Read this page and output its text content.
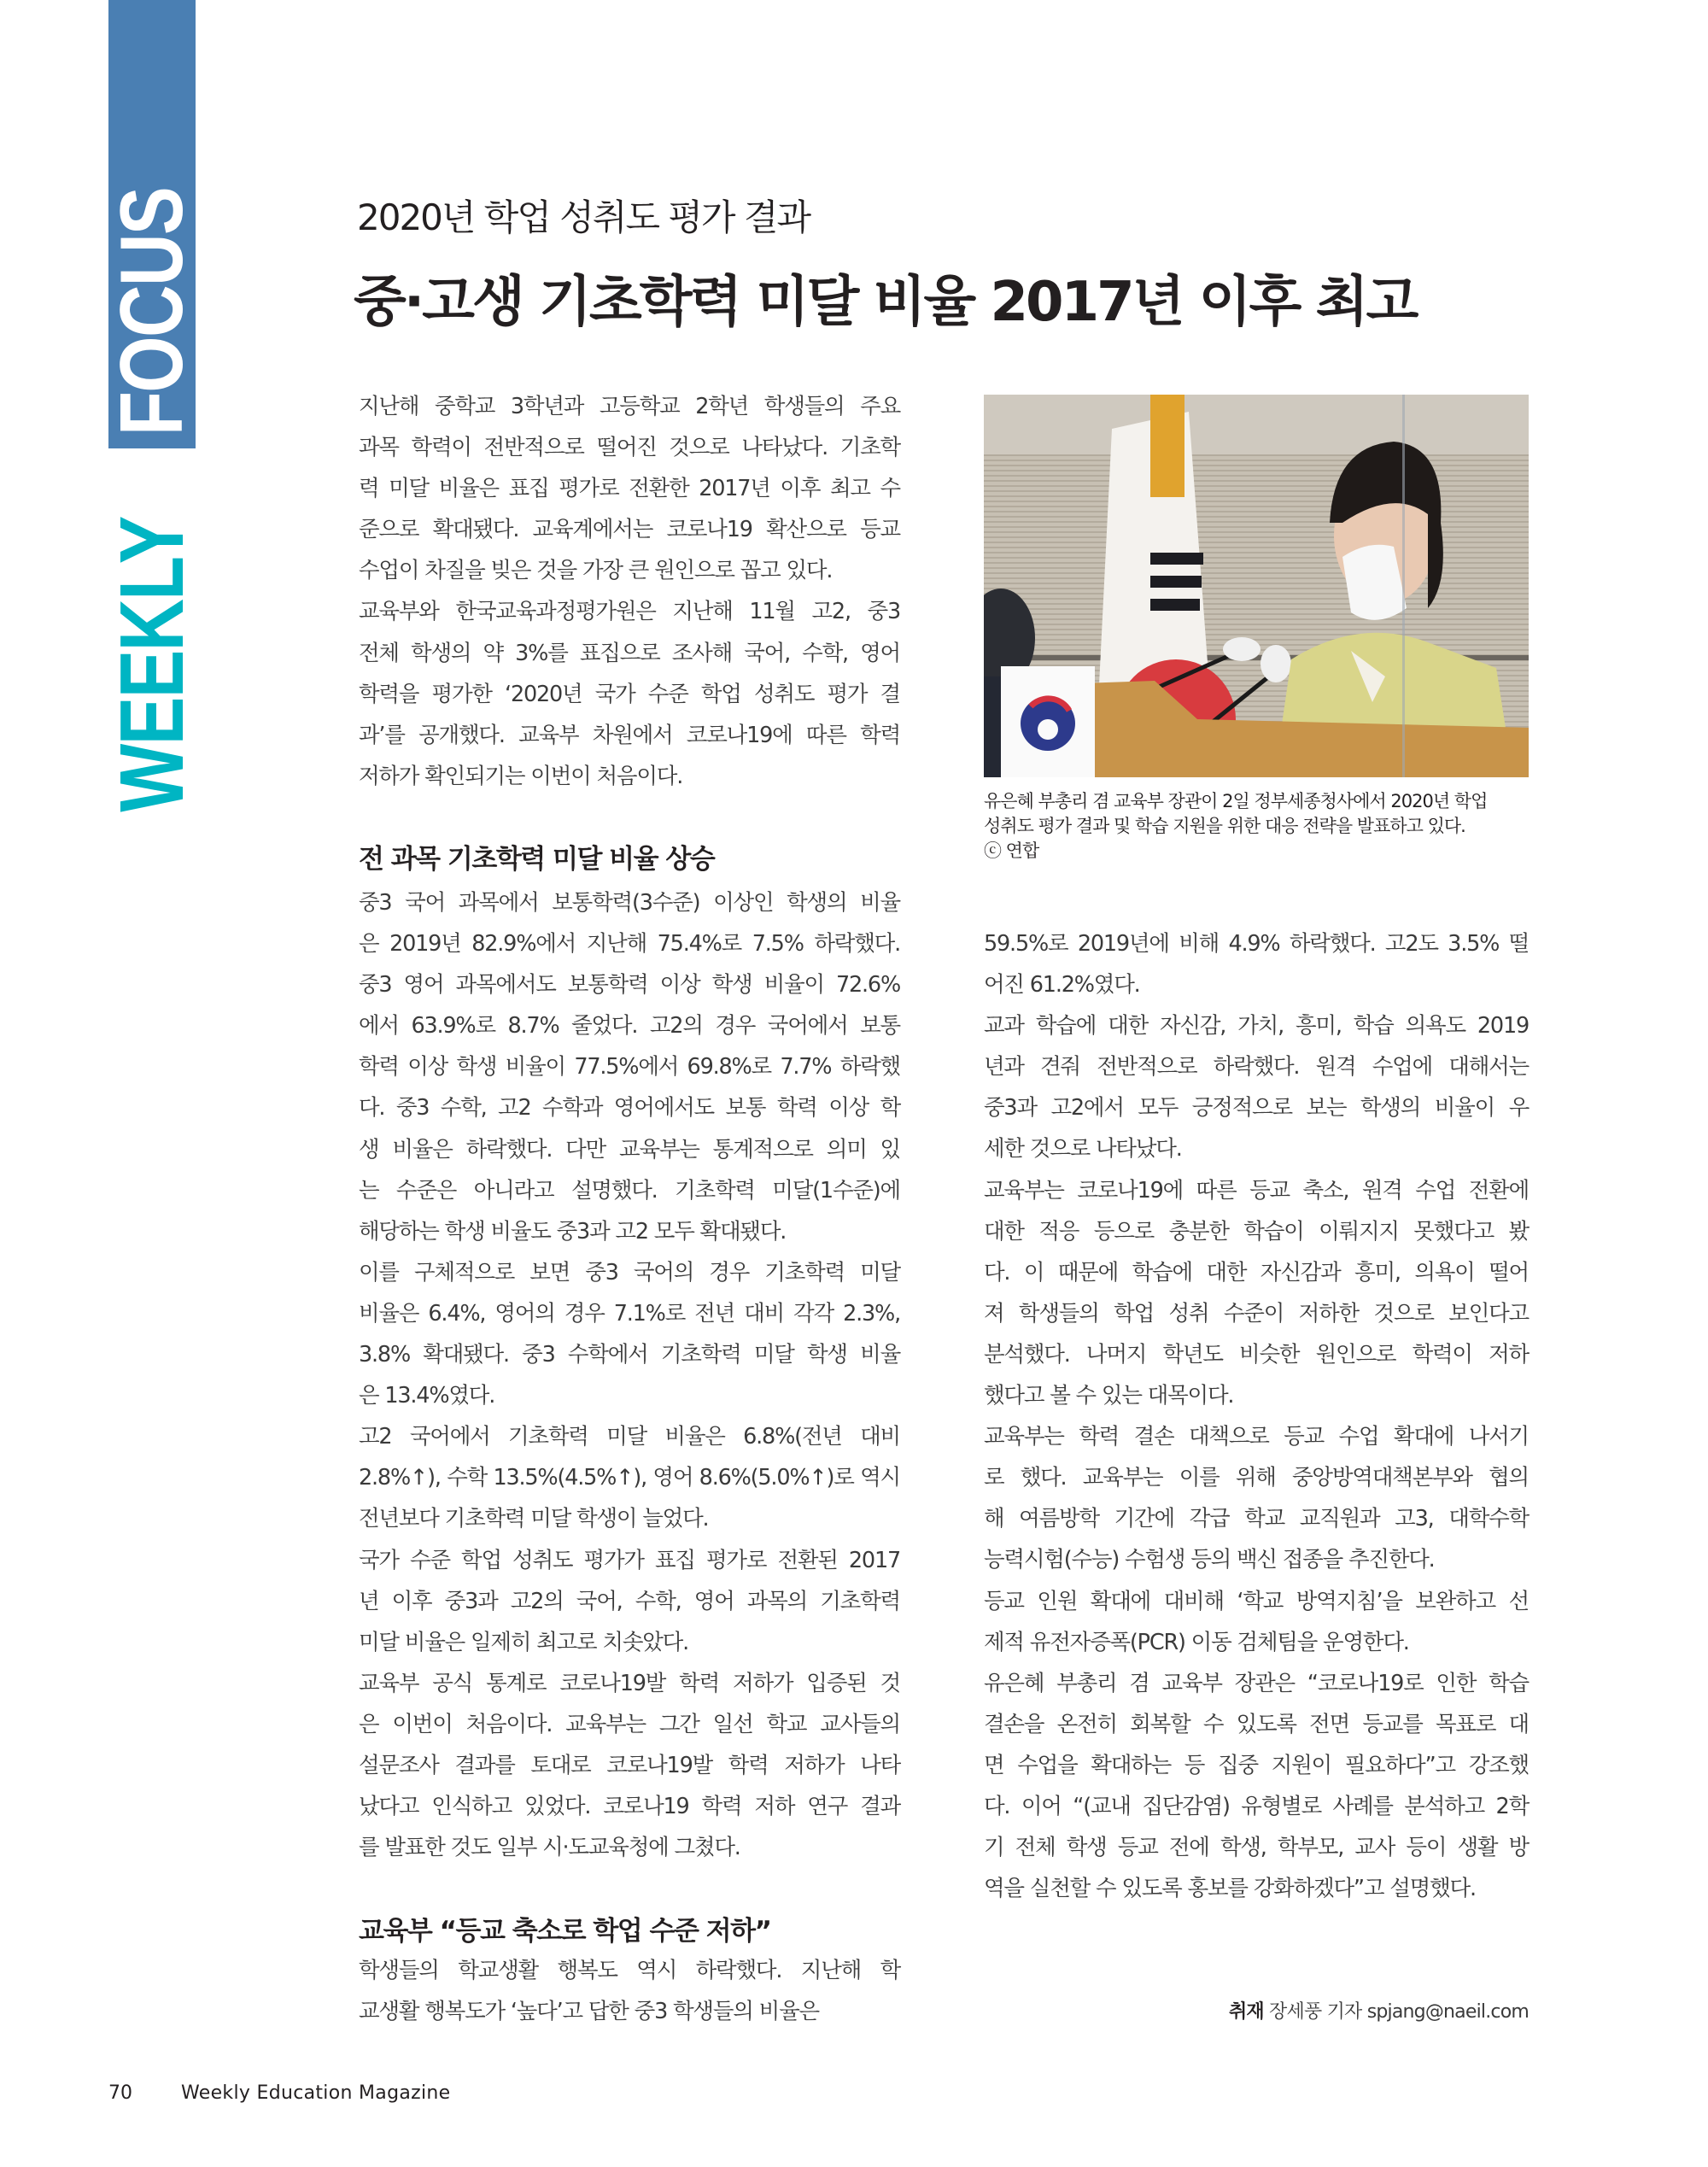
FOCUS
WEEKLY
2020년 학업 성취도 평가 결과
중·고생 기초학력 미달 비율 2017년 이후 최고
지난해 중학교 3학년과 고등학교 2학년 학생들의 주요
과목 학력이 전반적으로 떨어진 것으로 나타났다. 기초학
력 미달 비율은 표집 평가로 전환한 2017년 이후 최고 수
준으로 확대됐다. 교육계에서는 코로나19 확산으로 등교
수업이 차질을 빚은 것을 가장 큰 원인으로 꼽고 있다.
교육부와 한국교육과정평가원은 지난해 11월 고2, 중3
전체 학생의 약 3%를 표집으로 조사해 국어, 수학, 영어
학력을 평가한 ‘2020년 국가 수준 학업 성취도 평가 결
과’를 공개했다. 교육부 차원에서 코로나19에 따른 학력
저하가 확인되기는 이번이 처음이다.
전 과목 기초학력 미달 비율 상승
중3 국어 과목에서 보통학력(3수준) 이상인 학생의 비율
은 2019년 82.9%에서 지난해 75.4%로 7.5% 하락했다.
중3 영어 과목에서도 보통학력 이상 학생 비율이 72.6%
에서 63.9%로 8.7% 줄었다. 고2의 경우 국어에서 보통
학력 이상 학생 비율이 77.5%에서 69.8%로 7.7% 하락했
다. 중3 수학, 고2 수학과 영어에서도 보통 학력 이상 학
생 비율은 하락했다. 다만 교육부는 통계적으로 의미 있
는 수준은 아니라고 설명했다. 기초학력 미달(1수준)에
해당하는 학생 비율도 중3과 고2 모두 확대됐다.
이를 구체적으로 보면 중3 국어의 경우 기초학력 미달
비율은 6.4%, 영어의 경우 7.1%로 전년 대비 각각 2.3%,
3.8% 확대됐다. 중3 수학에서 기초학력 미달 학생 비율
은 13.4%였다.
고2 국어에서 기초학력 미달 비율은 6.8%(전년 대비
2.8%↑), 수학 13.5%(4.5%↑), 영어 8.6%(5.0%↑)로 역시
전년보다 기초학력 미달 학생이 늘었다.
국가 수준 학업 성취도 평가가 표집 평가로 전환된 2017
년 이후 중3과 고2의 국어, 수학, 영어 과목의 기초학력
미달 비율은 일제히 최고로 치솟았다.
교육부 공식 통계로 코로나19발 학력 저하가 입증된 것
은 이번이 처음이다. 교육부는 그간 일선 학교 교사들의
설문조사 결과를 토대로 코로나19발 학력 저하가 나타
났다고 인식하고 있었다. 코로나19 학력 저하 연구 결과
를 발표한 것도 일부 시·도교육청에 그쳤다.
교육부 “등교 축소로 학업 수준 저하”
학생들의 학교생활 행복도 역시 하락했다. 지난해 학
교생활 행복도가 ‘높다’고 답한 중3 학생들의 비율은
유은혜 부총리 겸 교육부 장관이 2일 정부세종청사에서 2020년 학업
성취도 평가 결과 및 학습 지원을 위한 대응 전략을 발표하고 있다.
ⓒ 연합
59.5%로 2019년에 비해 4.9% 하락했다. 고2도 3.5% 떨
어진 61.2%였다.
교과 학습에 대한 자신감, 가치, 흥미, 학습 의욕도 2019
년과 견줘 전반적으로 하락했다. 원격 수업에 대해서는
중3과 고2에서 모두 긍정적으로 보는 학생의 비율이 우
세한 것으로 나타났다.
교육부는 코로나19에 따른 등교 축소, 원격 수업 전환에
대한 적응 등으로 충분한 학습이 이뤄지지 못했다고 봤
다. 이 때문에 학습에 대한 자신감과 흥미, 의욕이 떨어
져 학생들의 학업 성취 수준이 저하한 것으로 보인다고
분석했다. 나머지 학년도 비슷한 원인으로 학력이 저하
했다고 볼 수 있는 대목이다.
교육부는 학력 결손 대책으로 등교 수업 확대에 나서기
로 했다. 교육부는 이를 위해 중앙방역대책본부와 협의
해 여름방학 기간에 각급 학교 교직원과 고3, 대학수학
능력시험(수능) 수험생 등의 백신 접종을 추진한다.
등교 인원 확대에 대비해 ‘학교 방역지침’을 보완하고 선
제적 유전자증폭(PCR) 이동 검체팀을 운영한다.
유은혜 부총리 겸 교육부 장관은 “코로나19로 인한 학습
결손을 온전히 회복할 수 있도록 전면 등교를 목표로 대
면 수업을 확대하는 등 집중 지원이 필요하다”고 강조했
다. 이어 “(교내 집단감염) 유형별로 사례를 분석하고 2학
기 전체 학생 등교 전에 학생, 학부모, 교사 등이 생활 방
역을 실천할 수 있도록 홍보를 강화하겠다”고 설명했다.
취재 장세풍 기자 spjang@naeil.com
70	Weekly Education Magazine
